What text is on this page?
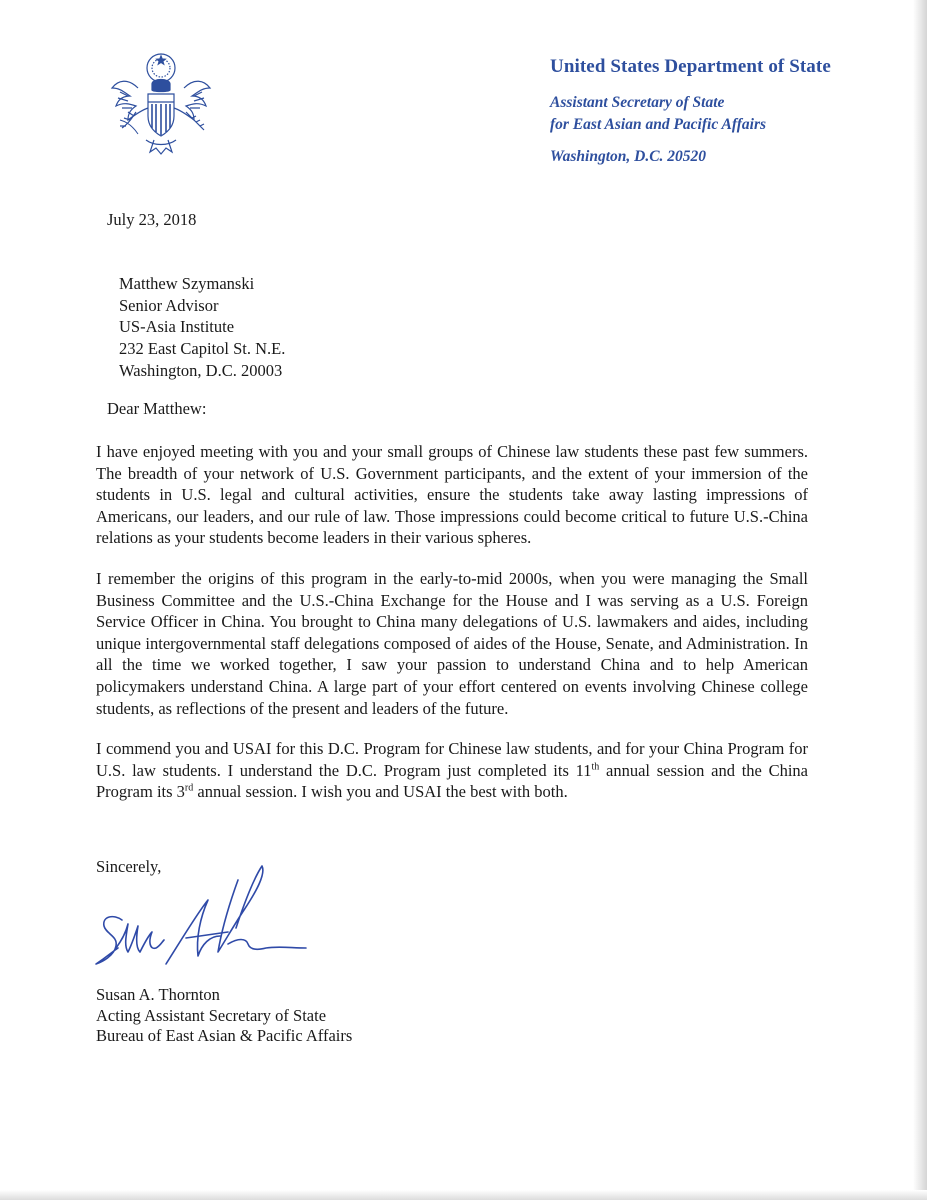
United States Department of State
Assistant Secretary of State
for East Asian and Pacific Affairs
Washington, D.C. 20520
July 23, 2018
Matthew Szymanski
Senior Advisor
US-Asia Institute
232 East Capitol St. N.E.
Washington, D.C. 20003
Dear Matthew:

I have enjoyed meeting with you and your small groups of Chinese law students these past few summers. The breadth of your network of U.S. Government participants, and the extent of your immersion of the students in U.S. legal and cultural activities, ensure the students take away lasting impressions of Americans, our leaders, and our rule of law. Those impressions could become critical to future U.S.-China relations as your students become leaders in their various spheres.

I remember the origins of this program in the early-to-mid 2000s, when you were managing the Small Business Committee and the U.S.-China Exchange for the House and I was serving as a U.S. Foreign Service Officer in China. You brought to China many delegations of U.S. lawmakers and aides, including unique intergovernmental staff delegations composed of aides of the House, Senate, and Administration. In all the time we worked together, I saw your passion to understand China and to help American policymakers understand China. A large part of your effort centered on events involving Chinese college students, as reflections of the present and leaders of the future.

I commend you and USAI for this D.C. Program for Chinese law students, and for your China Program for U.S. law students. I understand the D.C. Program just completed its 11th annual session and the China Program its 3rd annual session. I wish you and USAI the best with both.

Sincerely,
Susan A. Thornton
Acting Assistant Secretary of State
Bureau of East Asian & Pacific Affairs
